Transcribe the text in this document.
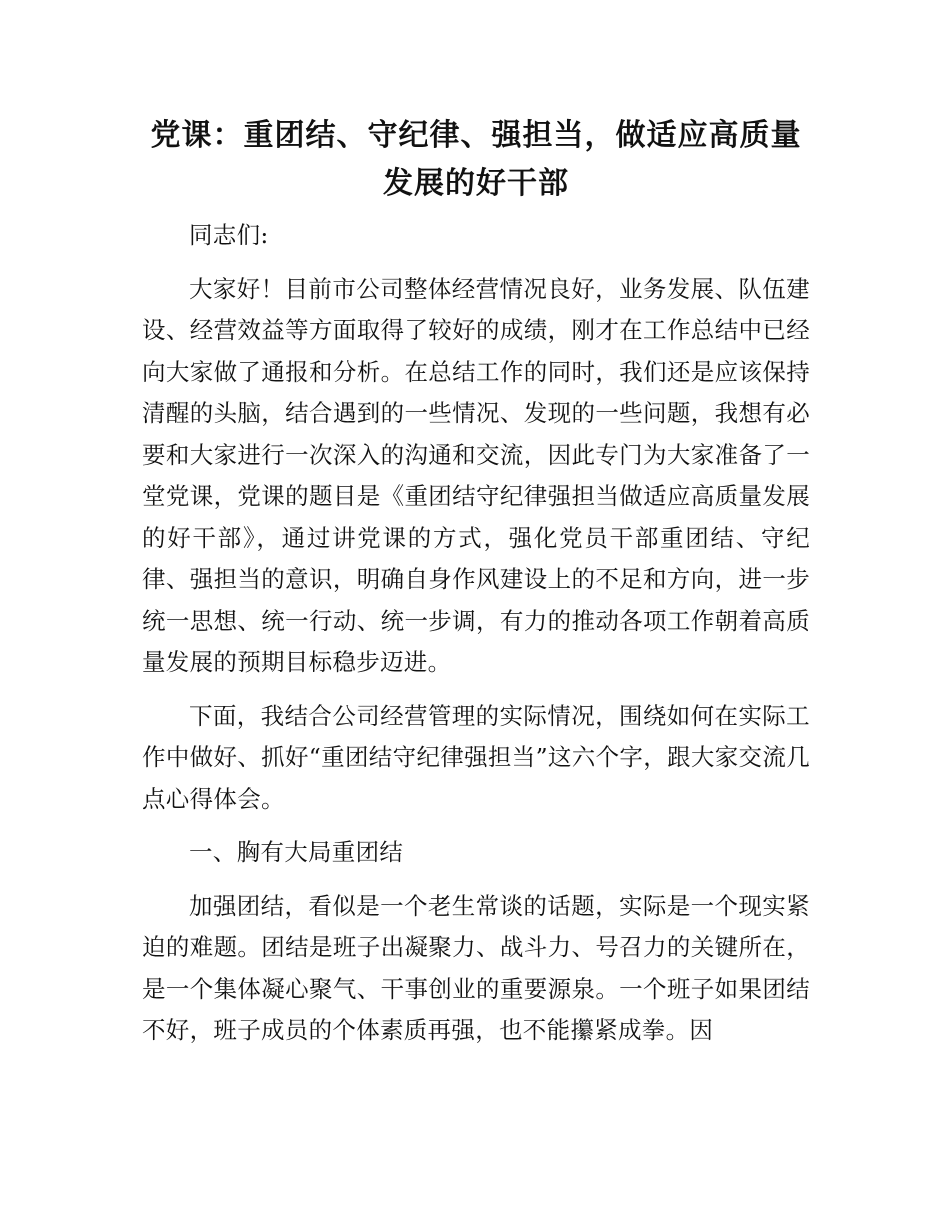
党课：重团结、守纪律、强担当，做适应高质量
发展的好干部

同志们:

大家好！目前市公司整体经营情况良好，业务发展、队伍建设、经营效益等方面取得了较好的成绩，刚才在工作总结中已经向大家做了通报和分析。在总结工作的同时，我们还是应该保持清醒的头脑，结合遇到的一些情况、发现的一些问题，我想有必要和大家进行一次深入的沟通和交流，因此专门为大家准备了一堂党课，党课的题目是《重团结守纪律强担当做适应高质量发展的好干部》，通过讲党课的方式，强化党员干部重团结、守纪律、强担当的意识，明确自身作风建设上的不足和方向，进一步统一思想、统一行动、统一步调，有力的推动各项工作朝着高质量发展的预期目标稳步迈进。

下面，我结合公司经营管理的实际情况，围绕如何在实际工作中做好、抓好“重团结守纪律强担当”这六个字，跟大家交流几点心得体会。

一、胸有大局重团结

加强团结，看似是一个老生常谈的话题，实际是一个现实紧迫的难题。团结是班子出凝聚力、战斗力、号召力的关键所在，是一个集体凝心聚气、干事创业的重要源泉。一个班子如果团结不好，班子成员的个体素质再强，也不能攥紧成拳。因
